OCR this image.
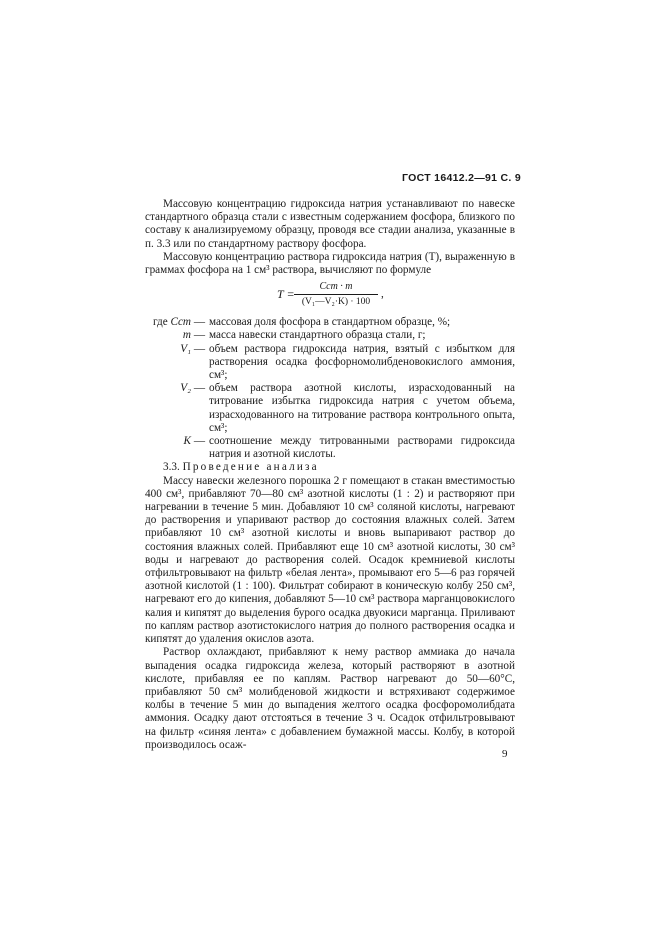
ГОСТ 16412.2—91 С. 9

Массовую концентрацию гидроксида натрия устанавливают по навеске стандартного образца стали с известным содержанием фосфора, близкого по составу к анализируемому образцу, проводя все стадии анализа, указанные в п. 3.3 или по стандартному раствору фосфора.

Массовую концентрацию раствора гидроксида натрия (T), выраженную в граммах фосфора на 1 см³ раствора, вычисляют по формуле

T =
Cст · m
(V₁—V₂·K) · 100
,
где Cст — массовая доля фосфора в стандартном образце, %;
m — масса навески стандартного образца стали, г;
V₁ — объем раствора гидроксида натрия, взятый с избытком для растворения осадка фосфорномолибденовокислого аммония, см³;
V₂ — объем раствора азотной кислоты, израсходованный на титрование избытка гидроксида натрия с учетом объема, израсходованного на титрование раствора контрольного опыта, см³;
K — соотношение между титрованными растворами гидроксида натрия и азотной кислоты.

3.3. Проведение анализа

Массу навески железного порошка 2 г помещают в стакан вместимостью 400 см³, прибавляют 70—80 см³ азотной кислоты (1 : 2) и растворяют при нагревании в течение 5 мин. Добавляют 10 см³ соляной кислоты, нагревают до растворения и упаривают раствор до состояния влажных солей. Затем прибавляют 10 см³ азотной кислоты и вновь выпаривают раствор до состояния влажных солей. Прибавляют еще 10 см³ азотной кислоты, 30 см³ воды и нагревают до растворения солей. Осадок кремниевой кислоты отфильтровывают на фильтр «белая лента», промывают его 5—6 раз горячей азотной кислотой (1 : 100). Фильтрат собирают в коническую колбу 250 см³, нагревают его до кипения, добавляют 5—10 см³ раствора марганцовокислого калия и кипятят до выделения бурого осадка двуокиси марганца. Приливают по каплям раствор азотистокислого натрия до полного растворения осадка и кипятят до удаления окислов азота.

Раствор охлаждают, прибавляют к нему раствор аммиака до начала выпадения осадка гидроксида железа, который растворяют в азотной кислоте, прибавляя ее по каплям. Раствор нагревают до 50—60°С, прибавляют 50 см³ молибденовой жидкости и встряхивают содержимое колбы в течение 5 мин до выпадения желтого осадка фосфоромолибдата аммония. Осадку дают отстояться в течение 3 ч. Осадок отфильтровывают на фильтр «синяя лента» с добавлением бумажной массы. Колбу, в которой производилось осаж-

9
